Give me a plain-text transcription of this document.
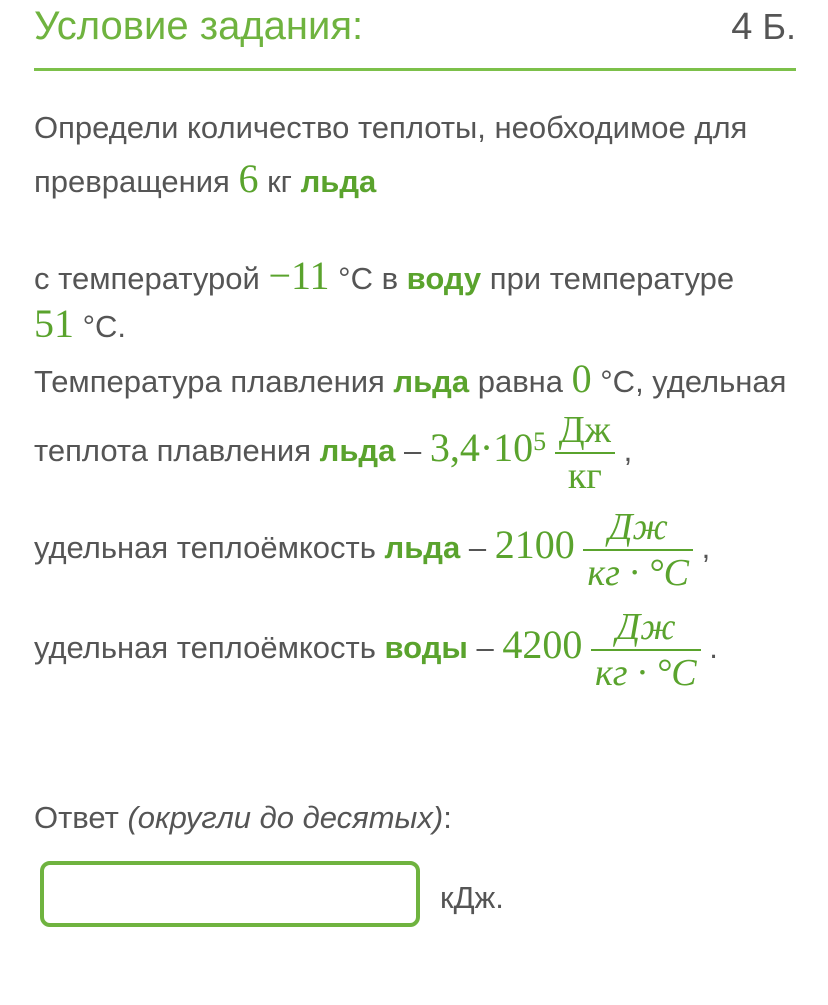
Условие задания:	4 Б.
Определи количество теплоты, необходимое для
превращения 6 кг льда
с температурой −11 °С в воду при температуре
51 °С.
Температура плавления льда равна 0 °С, удельная
теплота плавления льда – $3,4\cdot 10^5 \frac{Дж}{кг}$ ,
удельная теплоёмкость льда – $2100 \frac{Дж}{кг \cdot ^\circ С}$ ,
удельная теплоёмкость воды – $4200 \frac{Дж}{кг \cdot ^\circ С}$ .
Ответ (округли до десятых):
кДж.
